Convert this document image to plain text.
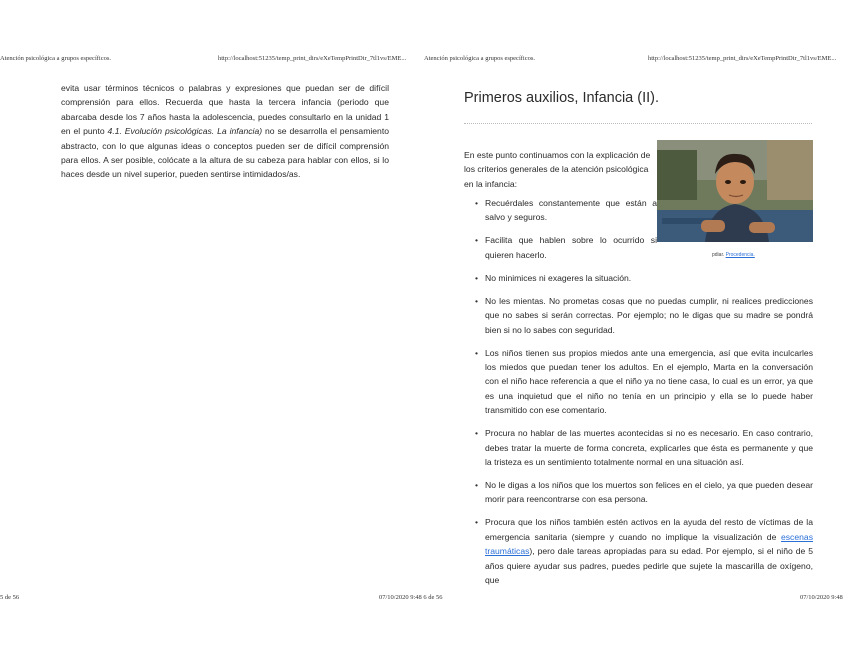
Atención psicológica a grupos específicos.	http://localhost:51235/temp_print_dirs/eXeTempPrintDir_7tl1vs/EME...	Atención psicológica a grupos específicos.	http://localhost:51235/temp_print_dirs/eXeTempPrintDir_7tl1vs/EME...
evita usar términos técnicos o palabras y expresiones que puedan ser de difícil comprensión para ellos. Recuerda que hasta la tercera infancia (periodo que abarcaba desde los 7 años hasta la adolescencia, puedes consultarlo en la unidad 1 en el punto 4.1. Evolución psicológicas. La infancia) no se desarrolla el pensamiento abstracto, con lo que algunas ideas o conceptos pueden ser de difícil comprensión para ellos. A ser posible, colócate a la altura de su cabeza para hablar con ellos, si lo haces desde un nivel superior, pueden sentirse intimidados/as.
Primeros auxilios, Infancia (II).
En este punto continuamos con la explicación de los criterios generales de la atención psicológica en la infancia:
pdiar. Procedencia.
• Recuérdales constantemente que están a salvo y seguros.
• Facilita que hablen sobre lo ocurrido si quieren hacerlo.
• No minimices ni exageres la situación.
• No les mientas. No prometas cosas que no puedas cumplir, ni realices predicciones que no sabes si serán correctas. Por ejemplo; no le digas que su madre se pondrá bien si no lo sabes con seguridad.
• Los niños tienen sus propios miedos ante una emergencia, así que evita inculcarles los miedos que puedan tener los adultos. En el ejemplo, Marta en la conversación con el niño hace referencia a que el niño ya no tiene casa, lo cual es un error, ya que es una inquietud que el niño no tenía en un principio y ella se lo puede haber transmitido con ese comentario.
• Procura no hablar de las muertes acontecidas si no es necesario. En caso contrario, debes tratar la muerte de forma concreta, explicarles que ésta es permanente y que la tristeza es un sentimiento totalmente normal en una situación así.
• No le digas a los niños que los muertos son felices en el cielo, ya que pueden desear morir para reencontrarse con esa persona.
• Procura que los niños también estén activos en la ayuda del resto de víctimas de la emergencia sanitaria (siempre y cuando no implique la visualización de escenas traumáticas), pero dale tareas apropiadas para su edad. Por ejemplo, si el niño de 5 años quiere ayudar sus padres, puedes pedirle que sujete la mascarilla de oxígeno, que
5 de 56	07/10/2020 9:48 6 de 56	07/10/2020 9:48
